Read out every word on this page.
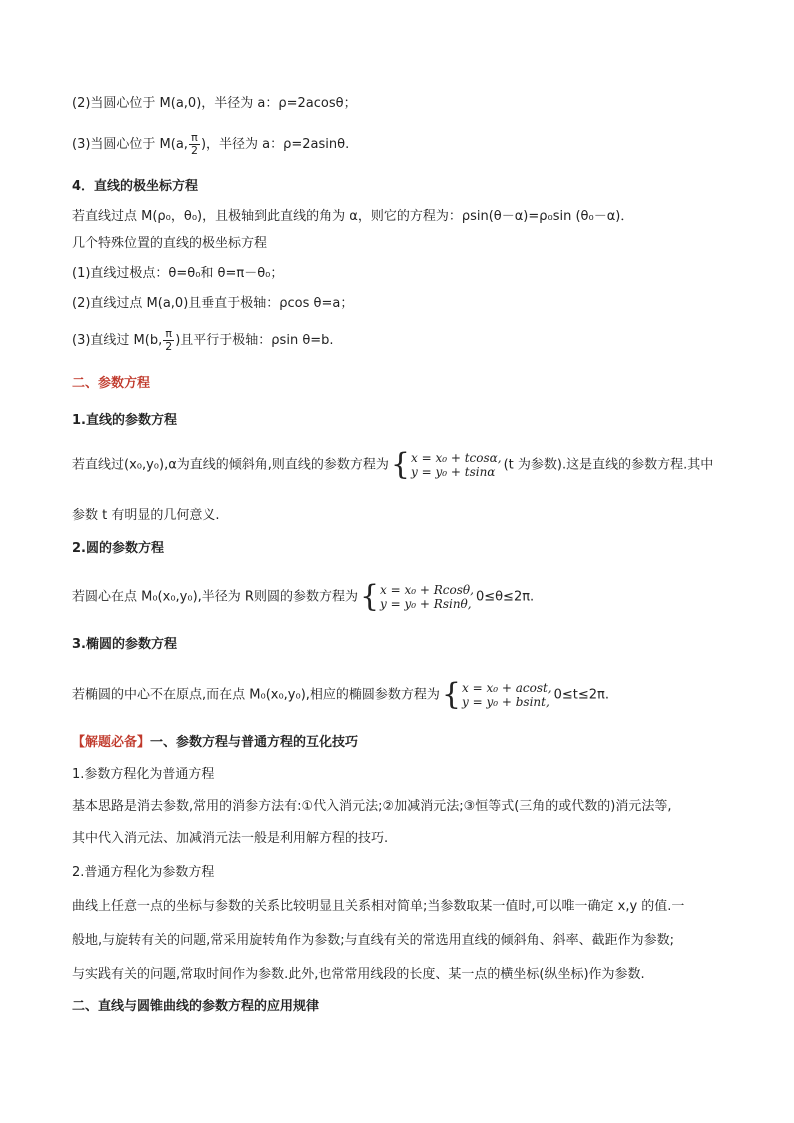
(2)当圆心位于 M(a,0)，半径为 a：ρ=2acosθ；
(3)当圆心位于 M(a, $\frac{\pi}{2}$ )，半径为 a：ρ=2asinθ.
4．直线的极坐标方程
若直线过点 M(ρ₀，θ₀)，且极轴到此直线的角为 α，则它的方程为：ρsin(θ－α)=ρ₀sin (θ₀－α)．
几个特殊位置的直线的极坐标方程
(1)直线过极点：θ=θ₀和 θ=π－θ₀；
(2)直线过点 M(a,0)且垂直于极轴：ρcos θ=a；
(3)直线过 M(b, $\frac{\pi}{2}$ )且平行于极轴：ρsin θ=b.
二、参数方程
1.直线的参数方程
若直线过(x₀,y₀),α为直线的倾斜角,则直线的参数方程为 { x = x₀ + tcosα,
y = y₀ + tsinα (t 为参数).这是直线的参数方程.其中
参数 t 有明显的几何意义.
2.圆的参数方程
若圆心在点 M₀(x₀,y₀),半径为 R则圆的参数方程为 { x = x₀ + Rcosθ,
y = y₀ + Rsinθ, 0≤θ≤2π.
3.椭圆的参数方程
若椭圆的中心不在原点,而在点 M₀(x₀,y₀),相应的椭圆参数方程为 { x = x₀ + acost,
y = y₀ + bsint, 0≤t≤2π.
【解题必备】一、参数方程与普通方程的互化技巧
1.参数方程化为普通方程
基本思路是消去参数,常用的消参方法有:①代入消元法;②加减消元法;③恒等式(三角的或代数的)消元法等,
其中代入消元法、加减消元法一般是利用解方程的技巧.
2.普通方程化为参数方程
曲线上任意一点的坐标与参数的关系比较明显且关系相对简单;当参数取某一值时,可以唯一确定 x,y 的值.一
般地,与旋转有关的问题,常采用旋转角作为参数;与直线有关的常选用直线的倾斜角、斜率、截距作为参数;
与实践有关的问题,常取时间作为参数.此外,也常常用线段的长度、某一点的横坐标(纵坐标)作为参数.
二、直线与圆锥曲线的参数方程的应用规律
